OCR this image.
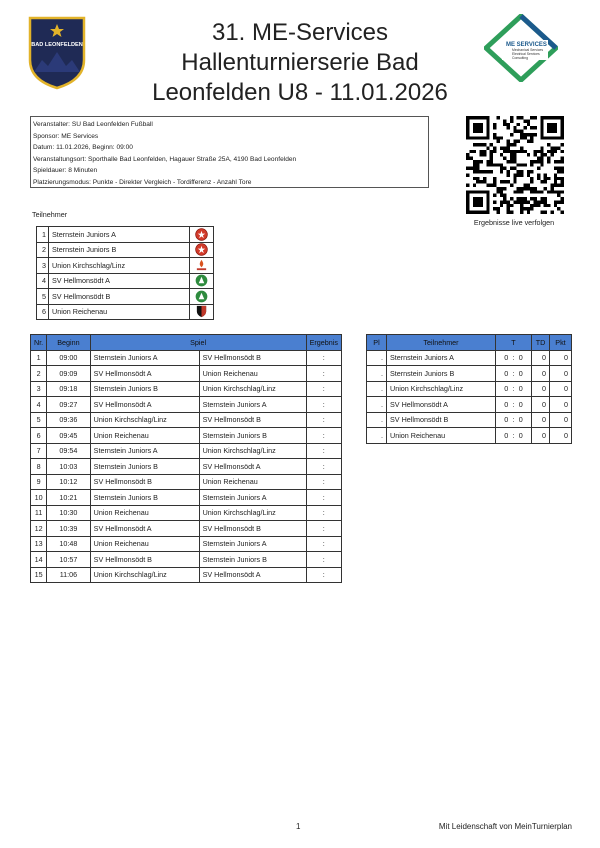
BAD LEONFELDEN	31. ME-Services
Hallenturnierserie Bad
Leonfelden U8 - 11.01.2026
ME SERVICES
Mechanical Services
Electrical Services
Consulting
Veranstalter: SU Bad Leonfelden Fußball
Sponsor: ME Services
Datum: 11.01.2026, Beginn: 09:00
Veranstaltungsort: Sporthalle Bad Leonfelden, Hagauer Straße 25A, 4190 Bad Leonfelden
Spieldauer: 8 Minuten
Platzierungsmodus: Punkte - Direkter Vergleich - Tordifferenz - Anzahl Tore
Ergebnisse live verfolgen
Teilnehmer
1	Sternstein Juniors A	
2	Sternstein Juniors B	
3	Union Kirchschlag/Linz	
4	SV Hellmonsödt A	
5	SV Hellmonsödt B	
6	Union Reichenau	
Nr.	Beginn	Spiel		Ergebnis
1	09:00	Sternstein Juniors A	SV Hellmonsödt B	:
2	09:09	SV Hellmonsödt A	Union Reichenau	:
3	09:18	Sternstein Juniors B	Union Kirchschlag/Linz	:
4	09:27	SV Hellmonsödt A	Sternstein Juniors A	:
5	09:36	Union Kirchschlag/Linz	SV Hellmonsödt B	:
6	09:45	Union Reichenau	Sternstein Juniors B	:
7	09:54	Sternstein Juniors A	Union Kirchschlag/Linz	:
8	10:03	Sternstein Juniors B	SV Hellmonsödt A	:
9	10:12	SV Hellmonsödt B	Union Reichenau	:
10	10:21	Sternstein Juniors B	Sternstein Juniors A	:
11	10:30	Union Reichenau	Union Kirchschlag/Linz	:
12	10:39	SV Hellmonsödt A	SV Hellmonsödt B	:
13	10:48	Union Reichenau	Sternstein Juniors A	:
14	10:57	SV Hellmonsödt B	Sternstein Juniors B	:
15	11:06	Union Kirchschlag/Linz	SV Hellmonsödt A	:
Pl	Teilnehmer	T			TD	Pkt
.	Sternstein Juniors A	0	:	0	0	0
.	Sternstein Juniors B	0	:	0	0	0
.	Union Kirchschlag/Linz	0	:	0	0	0
.	SV Hellmonsödt A	0	:	0	0	0
.	SV Hellmonsödt B	0	:	0	0	0
.	Union Reichenau	0	:	0	0	0
1	Mit Leidenschaft von MeinTurnierplan
